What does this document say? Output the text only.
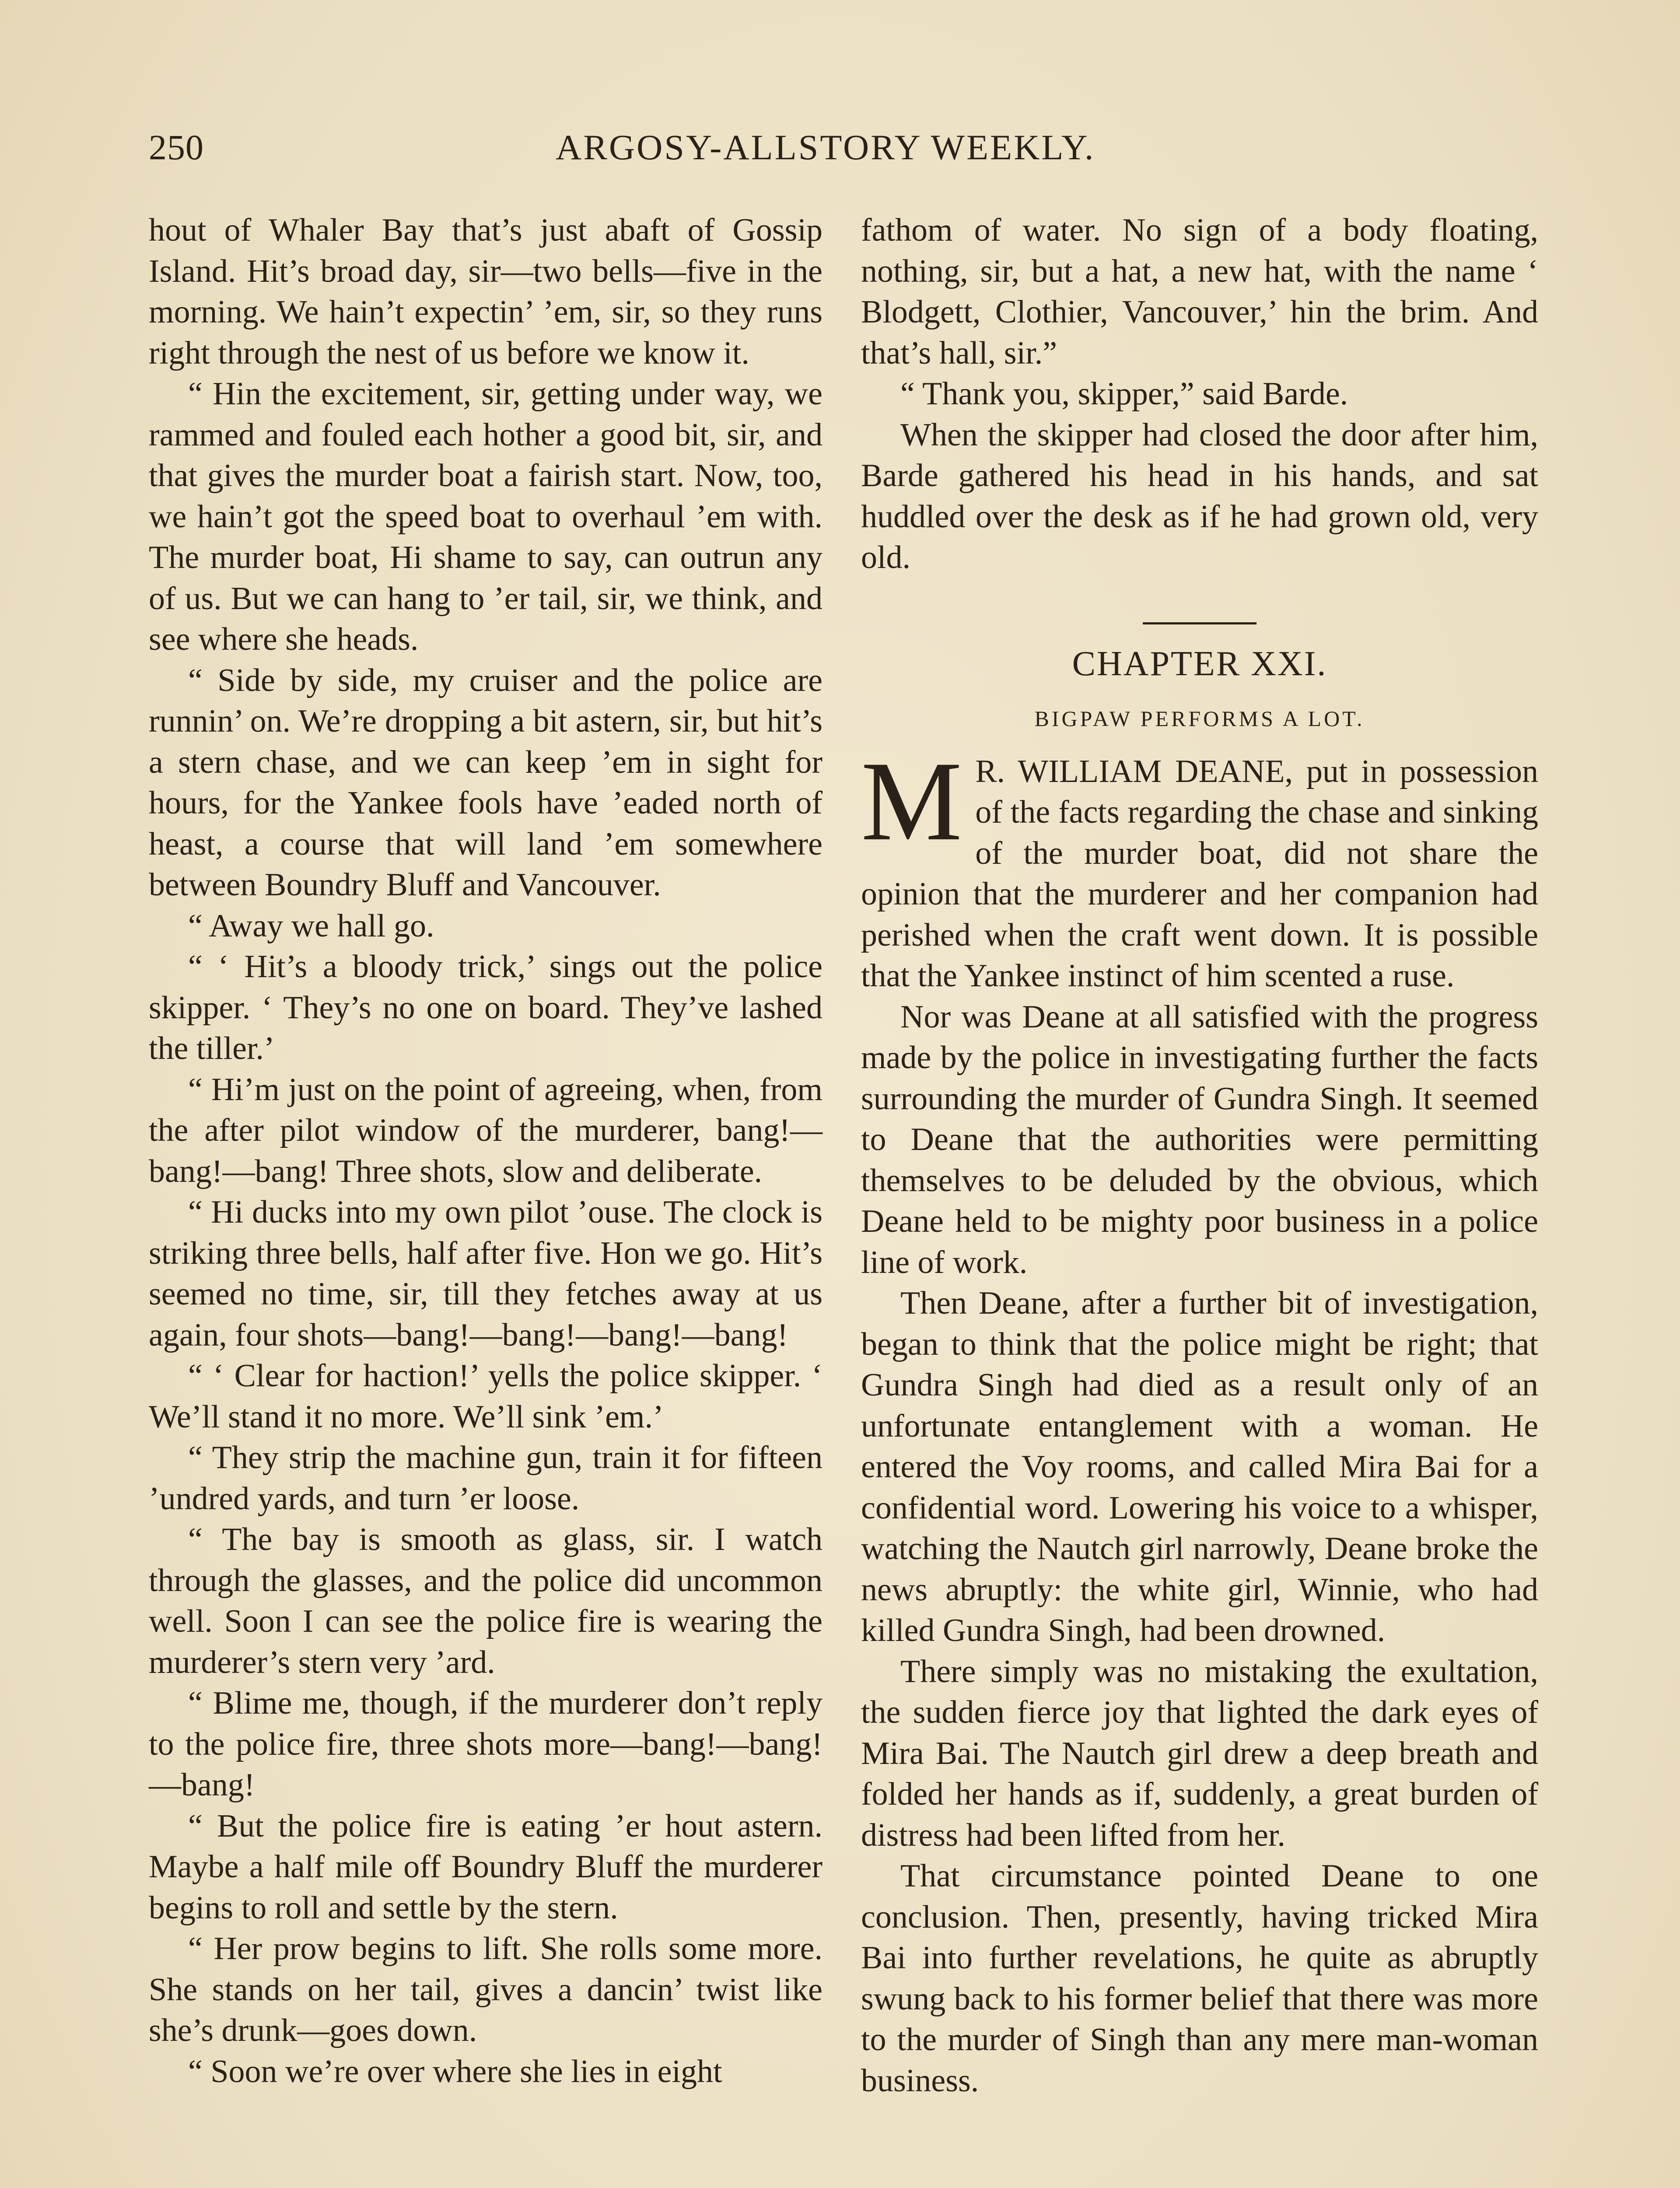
250	ARGOSY-ALLSTORY WEEKLY.

hout of Whaler Bay that’s just abaft of Gossip Island. Hit’s broad day, sir—two bells—five in the morning. We hain’t expectin’ ’em, sir, so they runs right through the nest of us before we know it.

“ Hin the excitement, sir, getting under way, we rammed and fouled each hother a good bit, sir, and that gives the murder boat a fairish start. Now, too, we hain’t got the speed boat to overhaul ’em with. The murder boat, Hi shame to say, can outrun any of us. But we can hang to ’er tail, sir, we think, and see where she heads.

“ Side by side, my cruiser and the police are runnin’ on. We’re dropping a bit astern, sir, but hit’s a stern chase, and we can keep ’em in sight for hours, for the Yankee fools have ’eaded north of heast, a course that will land ’em somewhere between Boundry Bluff and Vancouver.

“ Away we hall go.

“ ‘ Hit’s a bloody trick,’ sings out the police skipper. ‘ They’s no one on board. They’ve lashed the tiller.’

“ Hi’m just on the point of agreeing, when, from the after pilot window of the murderer, bang!—bang!—bang! Three shots, slow and deliberate.

“ Hi ducks into my own pilot ’ouse. The clock is striking three bells, half after five. Hon we go. Hit’s seemed no time, sir, till they fetches away at us again, four shots—bang!—bang!—bang!—bang!

“ ‘ Clear for haction!’ yells the police skipper. ‘ We’ll stand it no more. We’ll sink ’em.’

“ They strip the machine gun, train it for fifteen ’undred yards, and turn ’er loose.

“ The bay is smooth as glass, sir. I watch through the glasses, and the police did uncommon well. Soon I can see the police fire is wearing the murderer’s stern very ’ard.

“ Blime me, though, if the murderer don’t reply to the police fire, three shots more—bang!—bang!—bang!

“ But the police fire is eating ’er hout astern. Maybe a half mile off Boundry Bluff the murderer begins to roll and settle by the stern.

“ Her prow begins to lift. She rolls some more. She stands on her tail, gives a dancin’ twist like she’s drunk—goes down.

“ Soon we’re over where she lies in eight

fathom of water. No sign of a body floating, nothing, sir, but a hat, a new hat, with the name ‘ Blodgett, Clothier, Vancouver,’ hin the brim. And that’s hall, sir.”

“ Thank you, skipper,” said Barde.

When the skipper had closed the door after him, Barde gathered his head in his hands, and sat huddled over the desk as if he had grown old, very old.

CHAPTER XXI.
BIGPAW PERFORMS A LOT.

M R. WILLIAM DEANE, put in possession of the facts regarding the chase and sinking of the murder boat, did not share the opinion that the murderer and her companion had perished when the craft went down. It is possible that the Yankee instinct of him scented a ruse.

Nor was Deane at all satisfied with the progress made by the police in investigating further the facts surrounding the murder of Gundra Singh. It seemed to Deane that the authorities were permitting themselves to be deluded by the obvious, which Deane held to be mighty poor business in a police line of work.

Then Deane, after a further bit of investigation, began to think that the police might be right; that Gundra Singh had died as a result only of an unfortunate entanglement with a woman. He entered the Voy rooms, and called Mira Bai for a confidential word. Lowering his voice to a whisper, watching the Nautch girl narrowly, Deane broke the news abruptly: the white girl, Winnie, who had killed Gundra Singh, had been drowned.

There simply was no mistaking the exultation, the sudden fierce joy that lighted the dark eyes of Mira Bai. The Nautch girl drew a deep breath and folded her hands as if, suddenly, a great burden of distress had been lifted from her.

That circumstance pointed Deane to one conclusion. Then, presently, having tricked Mira Bai into further revelations, he quite as abruptly swung back to his former belief that there was more to the murder of Singh than any mere man-woman business.
